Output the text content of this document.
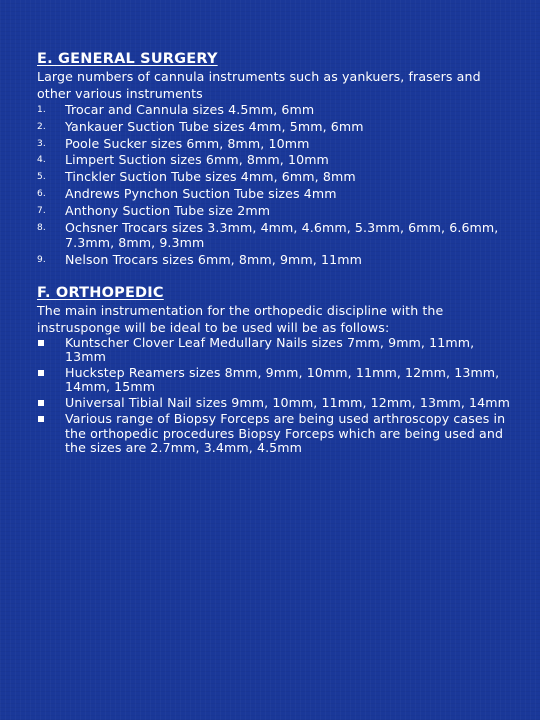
E. GENERAL SURGERY

Large numbers of cannula instruments such as yankuers, frasers and other various instruments

1. Trocar and Cannula sizes 4.5mm, 6mm
2. Yankauer Suction Tube sizes 4mm, 5mm, 6mm
3. Poole Sucker sizes 6mm, 8mm, 10mm
4. Limpert Suction sizes 6mm, 8mm, 10mm
5. Tinckler Suction Tube sizes 4mm, 6mm, 8mm
6. Andrews Pynchon Suction Tube sizes 4mm
7. Anthony Suction Tube size 2mm
8. Ochsner Trocars sizes 3.3mm, 4mm, 4.6mm, 5.3mm, 6mm, 6.6mm, 7.3mm, 8mm, 9.3mm
9. Nelson Trocars sizes 6mm, 8mm, 9mm, 11mm
F. ORTHOPEDIC

The main instrumentation for the orthopedic discipline with the instrusponge will be ideal to be used will be as follows:

Kuntscher Clover Leaf Medullary Nails sizes 7mm, 9mm, 11mm, 13mm
Huckstep Reamers sizes 8mm, 9mm, 10mm, 11mm, 12mm, 13mm, 14mm, 15mm
Universal Tibial Nail sizes 9mm, 10mm, 11mm, 12mm, 13mm, 14mm
Various range of Biopsy Forceps are being used arthroscopy cases in the orthopedic procedures Biopsy Forceps which are being used and the sizes are 2.7mm, 3.4mm, 4.5mm
